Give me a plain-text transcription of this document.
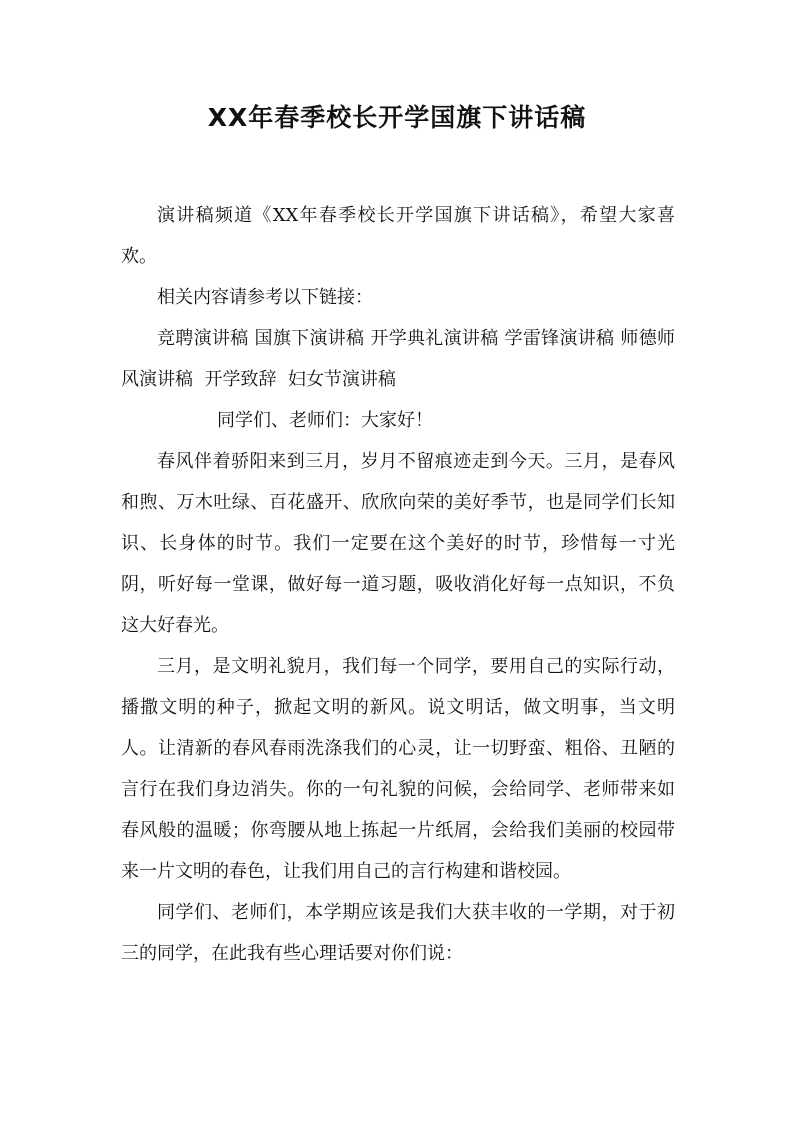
XX年春季校长开学国旗下讲话稿

演讲稿频道《XX年春季校长开学国旗下讲话稿》，希望大家喜欢。

相关内容请参考以下链接：

竞聘演讲稿 国旗下演讲稿 开学典礼演讲稿 学雷锋演讲稿 师德师风演讲稿 开学致辞 妇女节演讲稿

同学们、老师们：大家好！

春风伴着骄阳来到三月，岁月不留痕迹走到今天。三月，是春风和煦、万木吐绿、百花盛开、欣欣向荣的美好季节，也是同学们长知识、长身体的时节。我们一定要在这个美好的时节，珍惜每一寸光阴，听好每一堂课，做好每一道习题，吸收消化好每一点知识，不负这大好春光。

三月，是文明礼貌月，我们每一个同学，要用自己的实际行动，播撒文明的种子，掀起文明的新风。说文明话，做文明事，当文明人。让清新的春风春雨洗涤我们的心灵，让一切野蛮、粗俗、丑陋的言行在我们身边消失。你的一句礼貌的问候，会给同学、老师带来如春风般的温暖；你弯腰从地上拣起一片纸屑，会给我们美丽的校园带来一片文明的春色，让我们用自己的言行构建和谐校园。

同学们、老师们，本学期应该是我们大获丰收的一学期，对于初三的同学，在此我有些心理话要对你们说：
